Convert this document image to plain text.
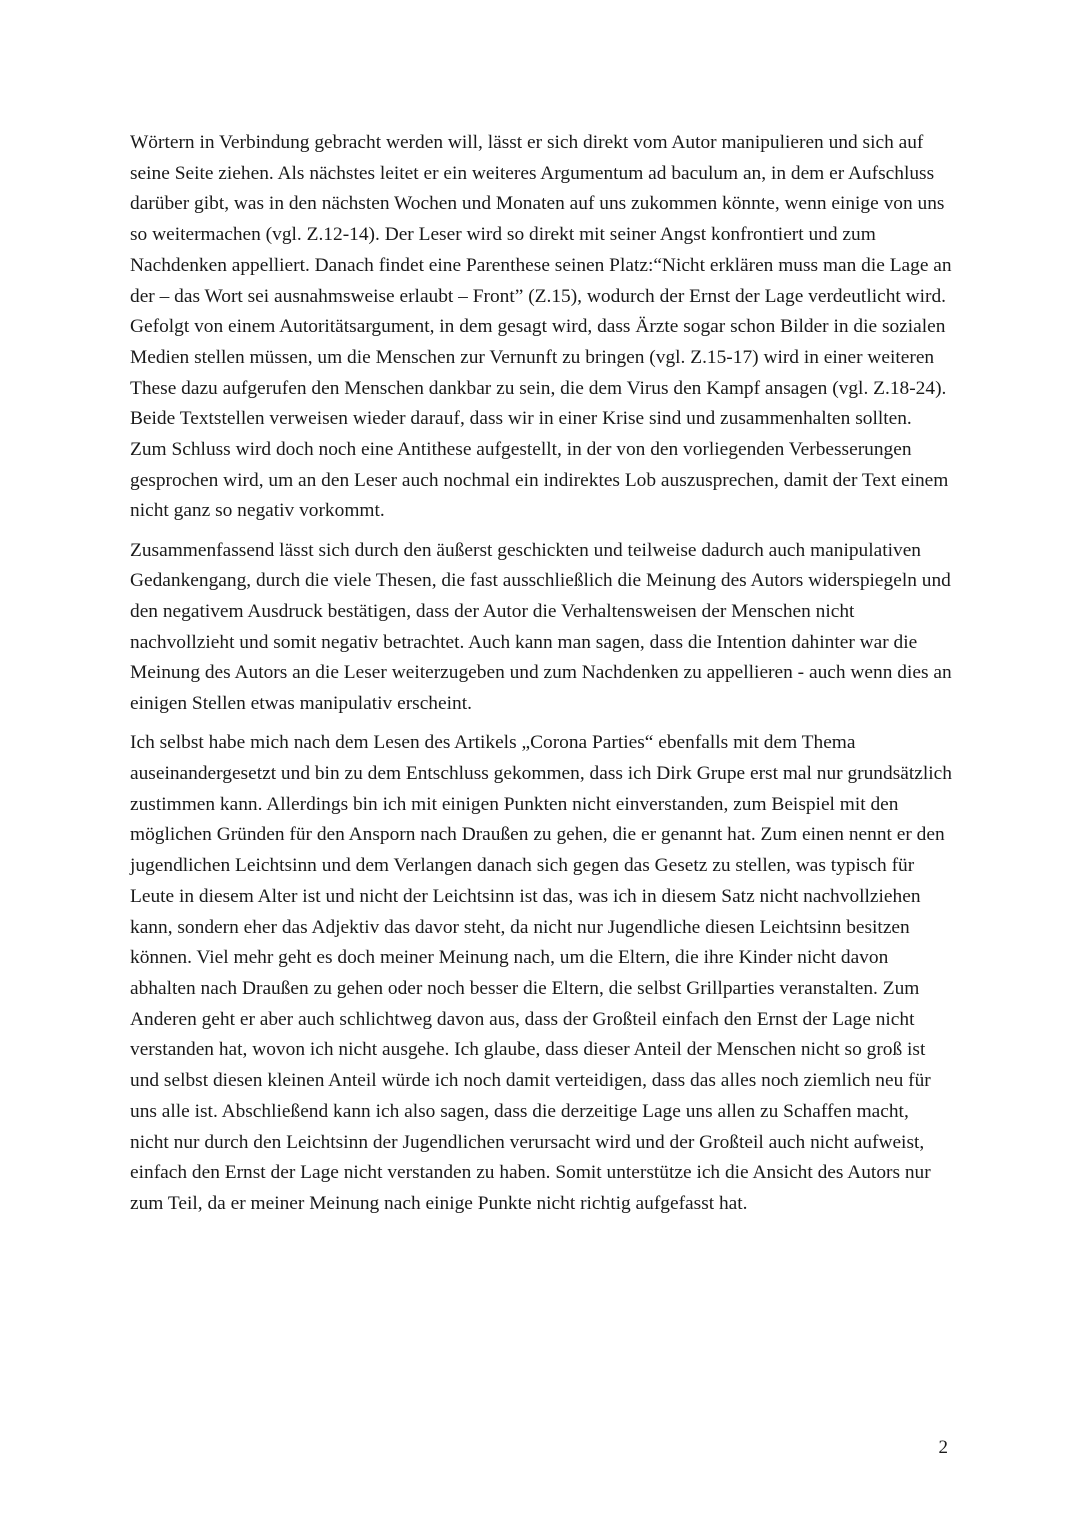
Wörtern in Verbindung gebracht werden will, lässt er sich direkt vom Autor manipulieren und sich auf seine Seite ziehen. Als nächstes leitet er ein weiteres Argumentum ad baculum an, in dem er Aufschluss darüber gibt, was in den nächsten Wochen und Monaten auf uns zukommen könnte, wenn einige von uns so weitermachen (vgl. Z.12-14). Der Leser wird so direkt mit seiner Angst konfrontiert und zum Nachdenken appelliert. Danach findet eine Parenthese seinen Platz:“Nicht erklären muss man die Lage an der – das Wort sei ausnahmsweise erlaubt – Front” (Z.15), wodurch der Ernst der Lage verdeutlicht wird. Gefolgt von einem Autoritätsargument, in dem gesagt wird, dass Ärzte sogar schon Bilder in die sozialen Medien stellen müssen, um die Menschen zur Vernunft zu bringen (vgl. Z.15-17) wird in einer weiteren These dazu aufgerufen den Menschen dankbar zu sein, die dem Virus den Kampf ansagen (vgl. Z.18-24). Beide Textstellen verweisen wieder darauf, dass wir in einer Krise sind und zusammenhalten sollten. Zum Schluss wird doch noch eine Antithese aufgestellt, in der von den vorliegenden Verbesserungen gesprochen wird, um an den Leser auch nochmal ein indirektes Lob auszusprechen, damit der Text einem nicht ganz so negativ vorkommt.

Zusammenfassend lässt sich durch den äußerst geschickten und teilweise dadurch auch manipulativen Gedankengang, durch die viele Thesen, die fast ausschließlich die Meinung des Autors widerspiegeln und den negativem Ausdruck bestätigen, dass der Autor die Verhaltensweisen der Menschen nicht nachvollzieht und somit negativ betrachtet. Auch kann man sagen, dass die Intention dahinter war die Meinung des Autors an die Leser weiterzugeben und zum Nachdenken zu appellieren - auch wenn dies an einigen Stellen etwas manipulativ erscheint.

Ich selbst habe mich nach dem Lesen des Artikels „Corona Parties“ ebenfalls mit dem Thema auseinandergesetzt und bin zu dem Entschluss gekommen, dass ich Dirk Grupe erst mal nur grundsätzlich zustimmen kann. Allerdings bin ich mit einigen Punkten nicht einverstanden, zum Beispiel mit den möglichen Gründen für den Ansporn nach Draußen zu gehen, die er genannt hat. Zum einen nennt er den jugendlichen Leichtsinn und dem Verlangen danach sich gegen das Gesetz zu stellen, was typisch für Leute in diesem Alter ist und nicht der Leichtsinn ist das, was ich in diesem Satz nicht nachvollziehen kann, sondern eher das Adjektiv das davor steht, da nicht nur Jugendliche diesen Leichtsinn besitzen können. Viel mehr geht es doch meiner Meinung nach, um die Eltern, die ihre Kinder nicht davon abhalten nach Draußen zu gehen oder noch besser die Eltern, die selbst Grillparties veranstalten. Zum Anderen geht er aber auch schlichtweg davon aus, dass der Großteil einfach den Ernst der Lage nicht verstanden hat, wovon ich nicht ausgehe. Ich glaube, dass dieser Anteil der Menschen nicht so groß ist und selbst diesen kleinen Anteil würde ich noch damit verteidigen, dass das alles noch ziemlich neu für uns alle ist. Abschließend kann ich also sagen, dass die derzeitige Lage uns allen zu Schaffen macht, nicht nur durch den Leichtsinn der Jugendlichen verursacht wird und der Großteil auch nicht aufweist, einfach den Ernst der Lage nicht verstanden zu haben. Somit unterstütze ich die Ansicht des Autors nur zum Teil, da er meiner Meinung nach einige Punkte nicht richtig aufgefasst hat.

2
